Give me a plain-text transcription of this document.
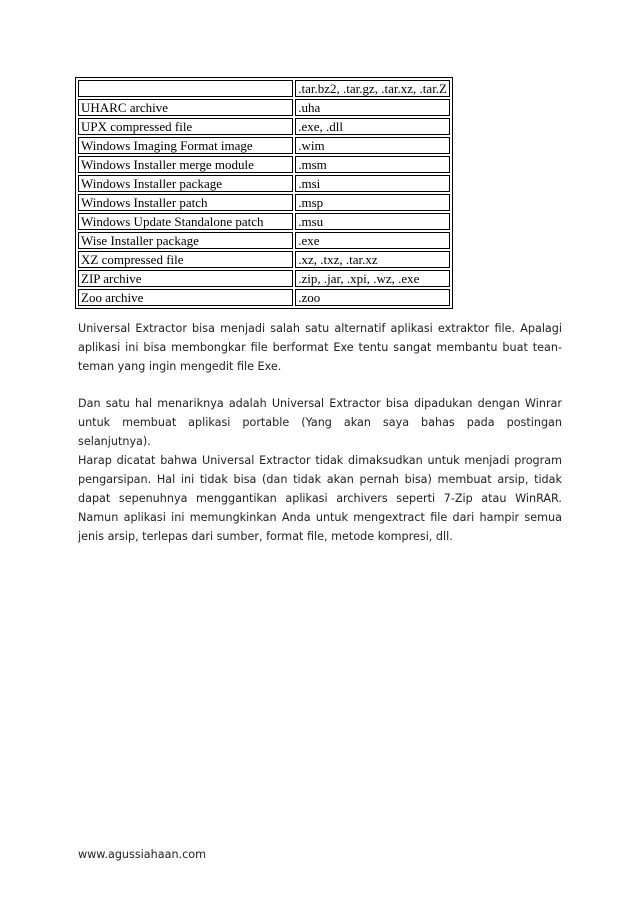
	.tar.bz2, .tar.gz, .tar.xz, .tar.Z
UHARC archive	.uha
UPX compressed file	.exe, .dll
Windows Imaging Format image	.wim
Windows Installer merge module	.msm
Windows Installer package	.msi
Windows Installer patch	.msp
Windows Update Standalone patch	.msu
Wise Installer package	.exe
XZ compressed file	.xz, .txz, .tar.xz
ZIP archive	.zip, .jar, .xpi, .wz, .exe
Zoo archive	.zoo

Universal Extractor bisa menjadi salah satu alternatif aplikasi extraktor file. Apalagi aplikasi ini bisa membongkar file berformat Exe tentu sangat membantu buat tean-teman yang ingin mengedit file Exe.

Dan satu hal menariknya adalah Universal Extractor bisa dipadukan dengan Winrar untuk membuat aplikasi portable (Yang akan saya bahas pada postingan selanjutnya).

Harap dicatat bahwa Universal Extractor tidak dimaksudkan untuk menjadi program pengarsipan. Hal ini tidak bisa (dan tidak akan pernah bisa) membuat arsip, tidak dapat sepenuhnya menggantikan aplikasi archivers seperti 7-Zip atau WinRAR. Namun aplikasi ini memungkinkan Anda untuk mengextract file dari hampir semua jenis arsip, terlepas dari sumber, format file, metode kompresi, dll.

www.agussiahaan.com
